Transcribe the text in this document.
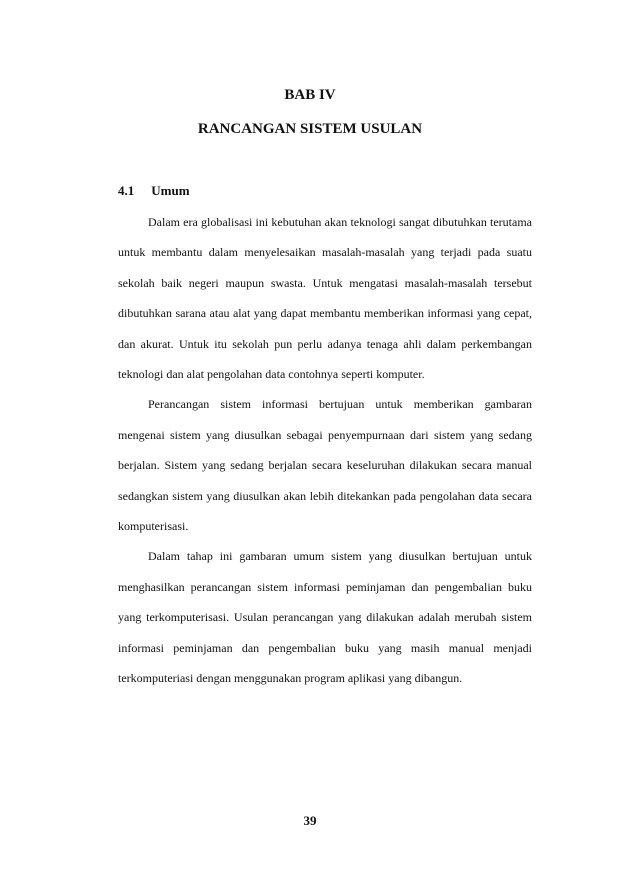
BAB IV
RANCANGAN SISTEM USULAN
4.1 Umum

Dalam era globalisasi ini kebutuhan akan teknologi sangat dibutuhkan terutama untuk membantu dalam menyelesaikan masalah-masalah yang terjadi pada suatu sekolah baik negeri maupun swasta. Untuk mengatasi masalah-masalah tersebut dibutuhkan sarana atau alat yang dapat membantu memberikan informasi yang cepat, dan akurat. Untuk itu sekolah pun perlu adanya tenaga ahli dalam perkembangan teknologi dan alat pengolahan data contohnya seperti komputer.

Perancangan sistem informasi bertujuan untuk memberikan gambaran mengenai sistem yang diusulkan sebagai penyempurnaan dari sistem yang sedang berjalan. Sistem yang sedang berjalan secara keseluruhan dilakukan secara manual sedangkan sistem yang diusulkan akan lebih ditekankan pada pengolahan data secara komputerisasi.

Dalam tahap ini gambaran umum sistem yang diusulkan bertujuan untuk menghasilkan perancangan sistem informasi peminjaman dan pengembalian buku yang terkomputerisasi. Usulan perancangan yang dilakukan adalah merubah sistem informasi peminjaman dan pengembalian buku yang masih manual menjadi terkomputeriasi dengan menggunakan program aplikasi yang dibangun.

39
